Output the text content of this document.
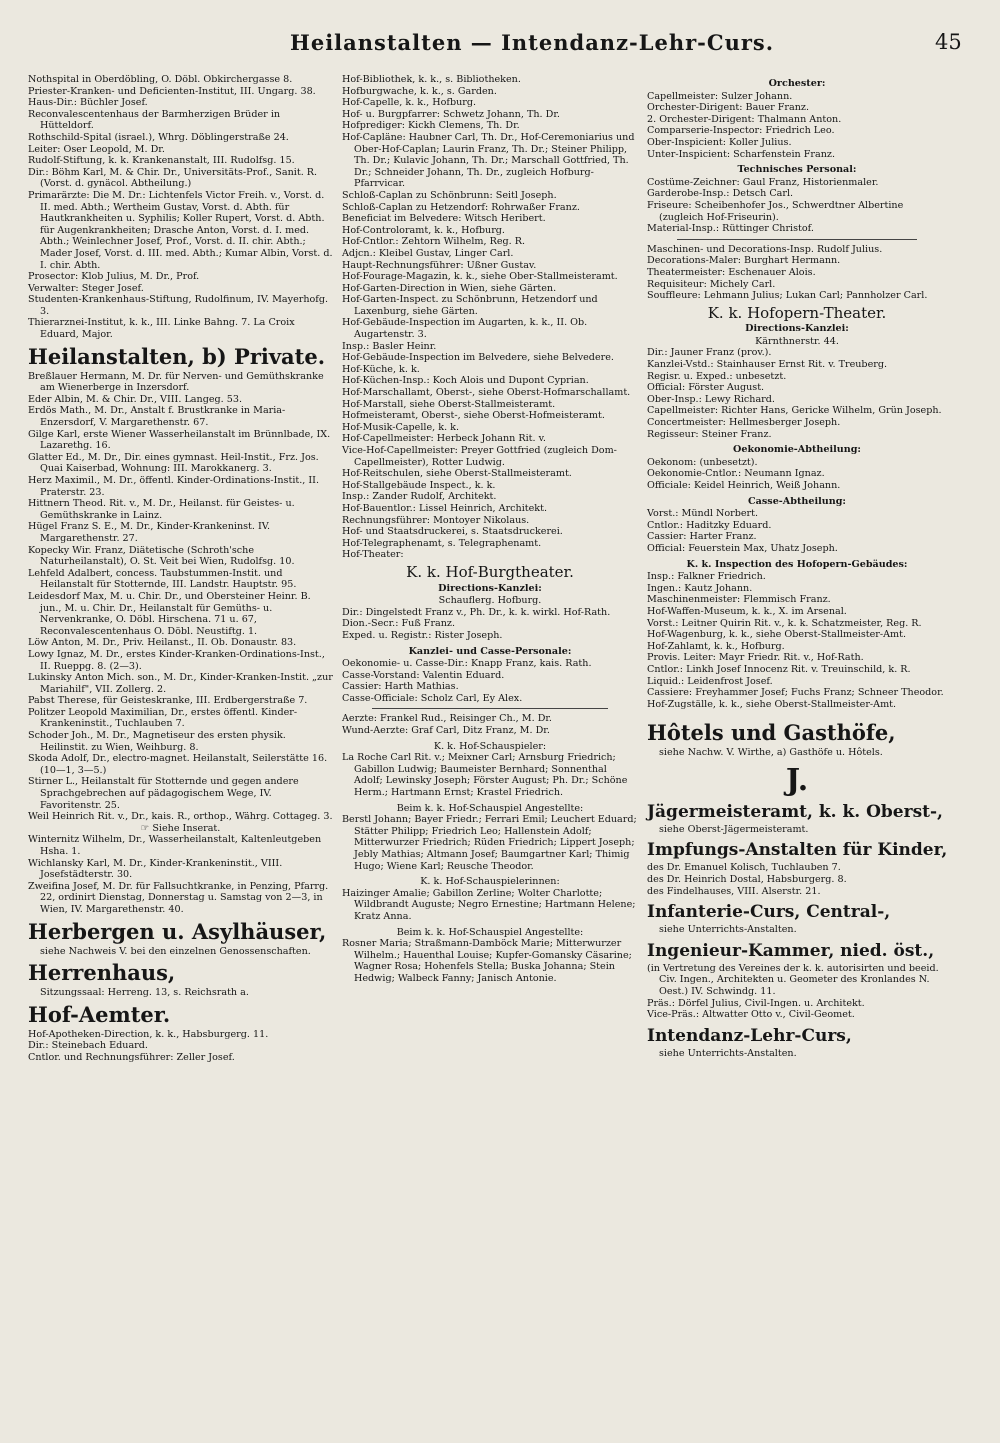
Heilanstalten — Intendanz-Lehr-Curs.	45

Nothspital in Oberdöbling, O. Döbl. Obkirchergasse 8.

Priester-Kranken- und Deficienten-Institut, III. Ungarg. 38.

Haus-Dir.: Büchler Josef.

Reconvalescentenhaus der Barmherzigen Brüder in Hütteldorf.

Rothschild-Spital (israel.), Whrg. Döblingerstraße 24.

Leiter: Oser Leopold, M. Dr.

Rudolf-Stiftung, k. k. Krankenanstalt, III. Rudolfsg. 15.

Dir.: Böhm Karl, M. & Chir. Dr., Universitäts-Prof., Sanit. R. (Vorst. d. gynäcol. Abtheilung.)

Primarärzte: Die M. Dr.: Lichtenfels Victor Freih. v., Vorst. d. II. med. Abth.; Wertheim Gustav, Vorst. d. Abth. für Hautkrankheiten u. Syphilis; Koller Rupert, Vorst. d. Abth. für Augenkrankheiten; Drasche Anton, Vorst. d. I. med. Abth.; Weinlechner Josef, Prof., Vorst. d. II. chir. Abth.; Mader Josef, Vorst. d. III. med. Abth.; Kumar Albin, Vorst. d. I. chir. Abth.

Prosector: Klob Julius, M. Dr., Prof.

Verwalter: Steger Josef.

Studenten-Krankenhaus-Stiftung, Rudolfinum, IV. Mayerhofg. 3.

Thierarznei-Institut, k. k., III. Linke Bahng. 7. La Croix Eduard, Major.

Heilanstalten, b) Private.

Breßlauer Hermann, M. Dr. für Nerven- und Gemüthskranke am Wienerberge in Inzersdorf.

Eder Albin, M. & Chir. Dr., VIII. Langeg. 53.

Erdös Math., M. Dr., Anstalt f. Brustkranke in Maria-Enzersdorf, V. Margarethenstr. 67.

Gilge Karl, erste Wiener Wasserheilanstalt im Brünnlbade, IX. Lazarethg. 16.

Glatter Ed., M. Dr., Dir. eines gymnast. Heil-Instit., Frz. Jos. Quai Kaiserbad, Wohnung: III. Marokkanerg. 3.

Herz Maximil., M. Dr., öffentl. Kinder-Ordinations-Instit., II. Praterstr. 23.

Hittnern Theod. Rit. v., M. Dr., Heilanst. für Geistes- u. Gemüthskranke in Lainz.

Hügel Franz S. E., M. Dr., Kinder-Krankeninst. IV. Margarethenstr. 27.

Kopecky Wir. Franz, Diätetische (Schroth'sche Naturheilanstalt), O. St. Veit bei Wien, Rudolfsg. 10.

Lehfeld Adalbert, concess. Taubstummen-Instit. und Heilanstalt für Stotternde, III. Landstr. Hauptstr. 95.

Leidesdorf Max, M. u. Chir. Dr., und Obersteiner Heinr. B. jun., M. u. Chir. Dr., Heilanstalt für Gemüths- u. Nervenkranke, O. Döbl. Hirschena. 71 u. 67, Reconvalescentenhaus O. Döbl. Neustiftg. 1.

Löw Anton, M. Dr., Priv. Heilanst., II. Ob. Donaustr. 83.

Lowy Ignaz, M. Dr., erstes Kinder-Kranken-Ordinations-Inst., II. Rueppg. 8. (2—3).

Lukinsky Anton Mich. son., M. Dr., Kinder-Kranken-Instit. „zur Mariahilf", VII. Zollerg. 2.

Pabst Therese, für Geisteskranke, III. Erdbergerstraße 7.

Politzer Leopold Maximilian, Dr., erstes öffentl. Kinder-Krankeninstit., Tuchlauben 7.

Schoder Joh., M. Dr., Magnetiseur des ersten physik. Heilinstit. zu Wien, Weihburg. 8.

Skoda Adolf, Dr., electro-magnet. Heilanstalt, Seilerstätte 16. (10—1, 3—5.)

Stirner L., Heilanstalt für Stotternde und gegen andere Sprachgebrechen auf pädagogischem Wege, IV. Favoritenstr. 25.

Weil Heinrich Rit. v., Dr., kais. R., orthop., Währg. Cottageg. 3.

☞ Siehe Inserat.

Winternitz Wilhelm, Dr., Wasserheilanstalt, Kaltenleutgeben Hsha. 1.

Wichlansky Karl, M. Dr., Kinder-Krankeninstit., VIII. Josefstädterstr. 30.

Zweifina Josef, M. Dr. für Fallsuchtkranke, in Penzing, Pfarrg. 22, ordinirt Dienstag, Donnerstag u. Samstag von 2—3, in Wien, IV. Margarethenstr. 40.

Herbergen u. Asylhäuser,

siehe Nachweis V. bei den einzelnen Genossenschaften.

Herrenhaus,

Sitzungssaal: Herreng. 13, s. Reichsrath a.

Hof-Aemter.

Hof-Apotheken-Direction, k. k., Habsburgerg. 11.

Dir.: Steinebach Eduard.

Cntlor. und Rechnungsführer: Zeller Josef.

Hof-Bibliothek, k. k., s. Bibliotheken.

Hofburgwache, k. k., s. Garden.

Hof-Capelle, k. k., Hofburg.

Hof- u. Burgpfarrer: Schwetz Johann, Th. Dr.

Hofprediger: Kickh Clemens, Th. Dr.

Hof-Capläne: Haubner Carl, Th. Dr., Hof-Ceremoniarius und Ober-Hof-Caplan; Laurin Franz, Th. Dr.; Steiner Philipp, Th. Dr.; Kulavic Johann, Th. Dr.; Marschall Gottfried, Th. Dr.; Schneider Johann, Th. Dr., zugleich Hofburg-Pfarrvicar.

Schloß-Caplan zu Schönbrunn: Seitl Joseph.

Schloß-Caplan zu Hetzendorf: Rohrwaßer Franz.

Beneficiat im Belvedere: Witsch Heribert.

Hof-Controloramt, k. k., Hofburg.

Hof-Cntlor.: Zehtorn Wilhelm, Reg. R.

Adjcn.: Kleibel Gustav, Linger Carl.

Haupt-Rechnungsführer: Ußner Gustav.

Hof-Fourage-Magazin, k. k., siehe Ober-Stallmeisteramt.

Hof-Garten-Direction in Wien, siehe Gärten.

Hof-Garten-Inspect. zu Schönbrunn, Hetzendorf und Laxenburg, siehe Gärten.

Hof-Gebäude-Inspection im Augarten, k. k., II. Ob. Augartenstr. 3.

Insp.: Basler Heinr.

Hof-Gebäude-Inspection im Belvedere, siehe Belvedere.

Hof-Küche, k. k.

Hof-Küchen-Insp.: Koch Alois und Dupont Cyprian.

Hof-Marschallamt, Oberst-, siehe Oberst-Hofmarschallamt.

Hof-Marstall, siehe Oberst-Stallmeisteramt.

Hofmeisteramt, Oberst-, siehe Oberst-Hofmeisteramt.

Hof-Musik-Capelle, k. k.

Hof-Capellmeister: Herbeck Johann Rit. v.

Vice-Hof-Capellmeister: Preyer Gottfried (zugleich Dom-Capellmeister), Rotter Ludwig.

Hof-Reitschulen, siehe Oberst-Stallmeisteramt.

Hof-Stallgebäude Inspect., k. k.

Insp.: Zander Rudolf, Architekt.

Hof-Bauentlor.: Lissel Heinrich, Architekt.

Rechnungsführer: Montoyer Nikolaus.

Hof- und Staatsdruckerei, s. Staatsdruckerei.

Hof-Telegraphenamt, s. Telegraphenamt.

Hof-Theater:

K. k. Hof-Burgtheater.

Directions-Kanzlei:

Schauflerg. Hofburg.

Dir.: Dingelstedt Franz v., Ph. Dr., k. k. wirkl. Hof-Rath.

Dion.-Secr.: Fuß Franz.

Exped. u. Registr.: Rister Joseph.

Kanzlei- und Casse-Personale:

Oekonomie- u. Casse-Dir.: Knapp Franz, kais. Rath.

Casse-Vorstand: Valentin Eduard.

Cassier: Harth Mathias.

Casse-Officiale: Scholz Carl, Ey Alex.

Aerzte: Frankel Rud., Reisinger Ch., M. Dr.

Wund-Aerzte: Graf Carl, Ditz Franz, M. Dr.

K. k. Hof-Schauspieler:

La Roche Carl Rit. v.; Meixner Carl; Arnsburg Friedrich; Gabillon Ludwig; Baumeister Bernhard; Sonnenthal Adolf; Lewinsky Joseph; Förster August; Ph. Dr.; Schöne Herm.; Hartmann Ernst; Krastel Friedrich.

Beim k. k. Hof-Schauspiel Angestellte:

Berstl Johann; Bayer Friedr.; Ferrari Emil; Leuchert Eduard; Stätter Philipp; Friedrich Leo; Hallenstein Adolf; Mitterwurzer Friedrich; Rüden Friedrich; Lippert Joseph; Jebly Mathias; Altmann Josef; Baumgartner Karl; Thimig Hugo; Wiene Karl; Reusche Theodor.

K. k. Hof-Schauspielerinnen:

Haizinger Amalie; Gabillon Zerline; Wolter Charlotte; Wildbrandt Auguste; Negro Ernestine; Hartmann Helene; Kratz Anna.

Beim k. k. Hof-Schauspiel Angestellte:

Rosner Maria; Straßmann-Damböck Marie; Mitterwurzer Wilhelm.; Hauenthal Louise; Kupfer-Gomansky Cäsarine; Wagner Rosa; Hohenfels Stella; Buska Johanna; Stein Hedwig; Walbeck Fanny; Janisch Antonie.

Orchester:

Capellmeister: Sulzer Johann.

Orchester-Dirigent: Bauer Franz.

2. Orchester-Dirigent: Thalmann Anton.

Comparserie-Inspector: Friedrich Leo.

Ober-Inspicient: Koller Julius.

Unter-Inspicient: Scharfenstein Franz.

Technisches Personal:

Costüme-Zeichner: Gaul Franz, Historienmaler.

Garderobe-Insp.: Detsch Carl.

Friseure: Scheibenhofer Jos., Schwerdtner Albertine (zugleich Hof-Friseurin).

Material-Insp.: Rüttinger Christof.

Maschinen- und Decorations-Insp. Rudolf Julius.

Decorations-Maler: Burghart Hermann.

Theatermeister: Eschenauer Alois.

Requisiteur: Michely Carl.

Souffleure: Lehmann Julius; Lukan Carl; Pannholzer Carl.

K. k. Hofopern-Theater.

Directions-Kanzlei:

Kärnthnerstr. 44.

Dir.: Jauner Franz (prov.).

Kanzlei-Vstd.: Stainhauser Ernst Rit. v. Treuberg.

Regisr. u. Exped.: unbesetzt.

Official: Förster August.

Ober-Insp.: Lewy Richard.

Capellmeister: Richter Hans, Gericke Wilhelm, Grün Joseph.

Concertmeister: Hellmesberger Joseph.

Regisseur: Steiner Franz.

Oekonomie-Abtheilung:

Oekonom: (unbesetzt).

Oekonomie-Cntlor.: Neumann Ignaz.

Officiale: Keidel Heinrich, Weiß Johann.

Casse-Abtheilung:

Vorst.: Mündl Norbert.

Cntlor.: Haditzky Eduard.

Cassier: Harter Franz.

Official: Feuerstein Max, Uhatz Joseph.

K. k. Inspection des Hofopern-Gebäudes:

Insp.: Falkner Friedrich.

Ingen.: Kautz Johann.

Maschinenmeister: Flemmisch Franz.

Hof-Waffen-Museum, k. k., X. im Arsenal.

Vorst.: Leitner Quirin Rit. v., k. k. Schatzmeister, Reg. R.

Hof-Wagenburg, k. k., siehe Oberst-Stallmeister-Amt.

Hof-Zahlamt, k. k., Hofburg.

Provis. Leiter: Mayr Friedr. Rit. v., Hof-Rath.

Cntlor.: Linkh Josef Innocenz Rit. v. Treuinschild, k. R.

Liquid.: Leidenfrost Josef.

Cassiere: Freyhammer Josef; Fuchs Franz; Schneer Theodor.

Hof-Zugställe, k. k., siehe Oberst-Stallmeister-Amt.

Hôtels und Gasthöfe,

siehe Nachw. V. Wirthe, a) Gasthöfe u. Hôtels.

J.
Jägermeisteramt, k. k. Oberst-,

siehe Oberst-Jägermeisteramt.

Impfungs-Anstalten für Kinder,

des Dr. Emanuel Kolisch, Tuchlauben 7.

des Dr. Heinrich Dostal, Habsburgerg. 8.

des Findelhauses, VIII. Alserstr. 21.

Infanterie-Curs, Central-,

siehe Unterrichts-Anstalten.

Ingenieur-Kammer, nied. öst.,

(in Vertretung des Vereines der k. k. autorisirten und beeid. Civ. Ingen., Architekten u. Geometer des Kronlandes N. Oest.) IV. Schwindg. 11.

Präs.: Dörfel Julius, Civil-Ingen. u. Architekt.

Vice-Präs.: Altwatter Otto v., Civil-Geomet.

Intendanz-Lehr-Curs,

siehe Unterrichts-Anstalten.
